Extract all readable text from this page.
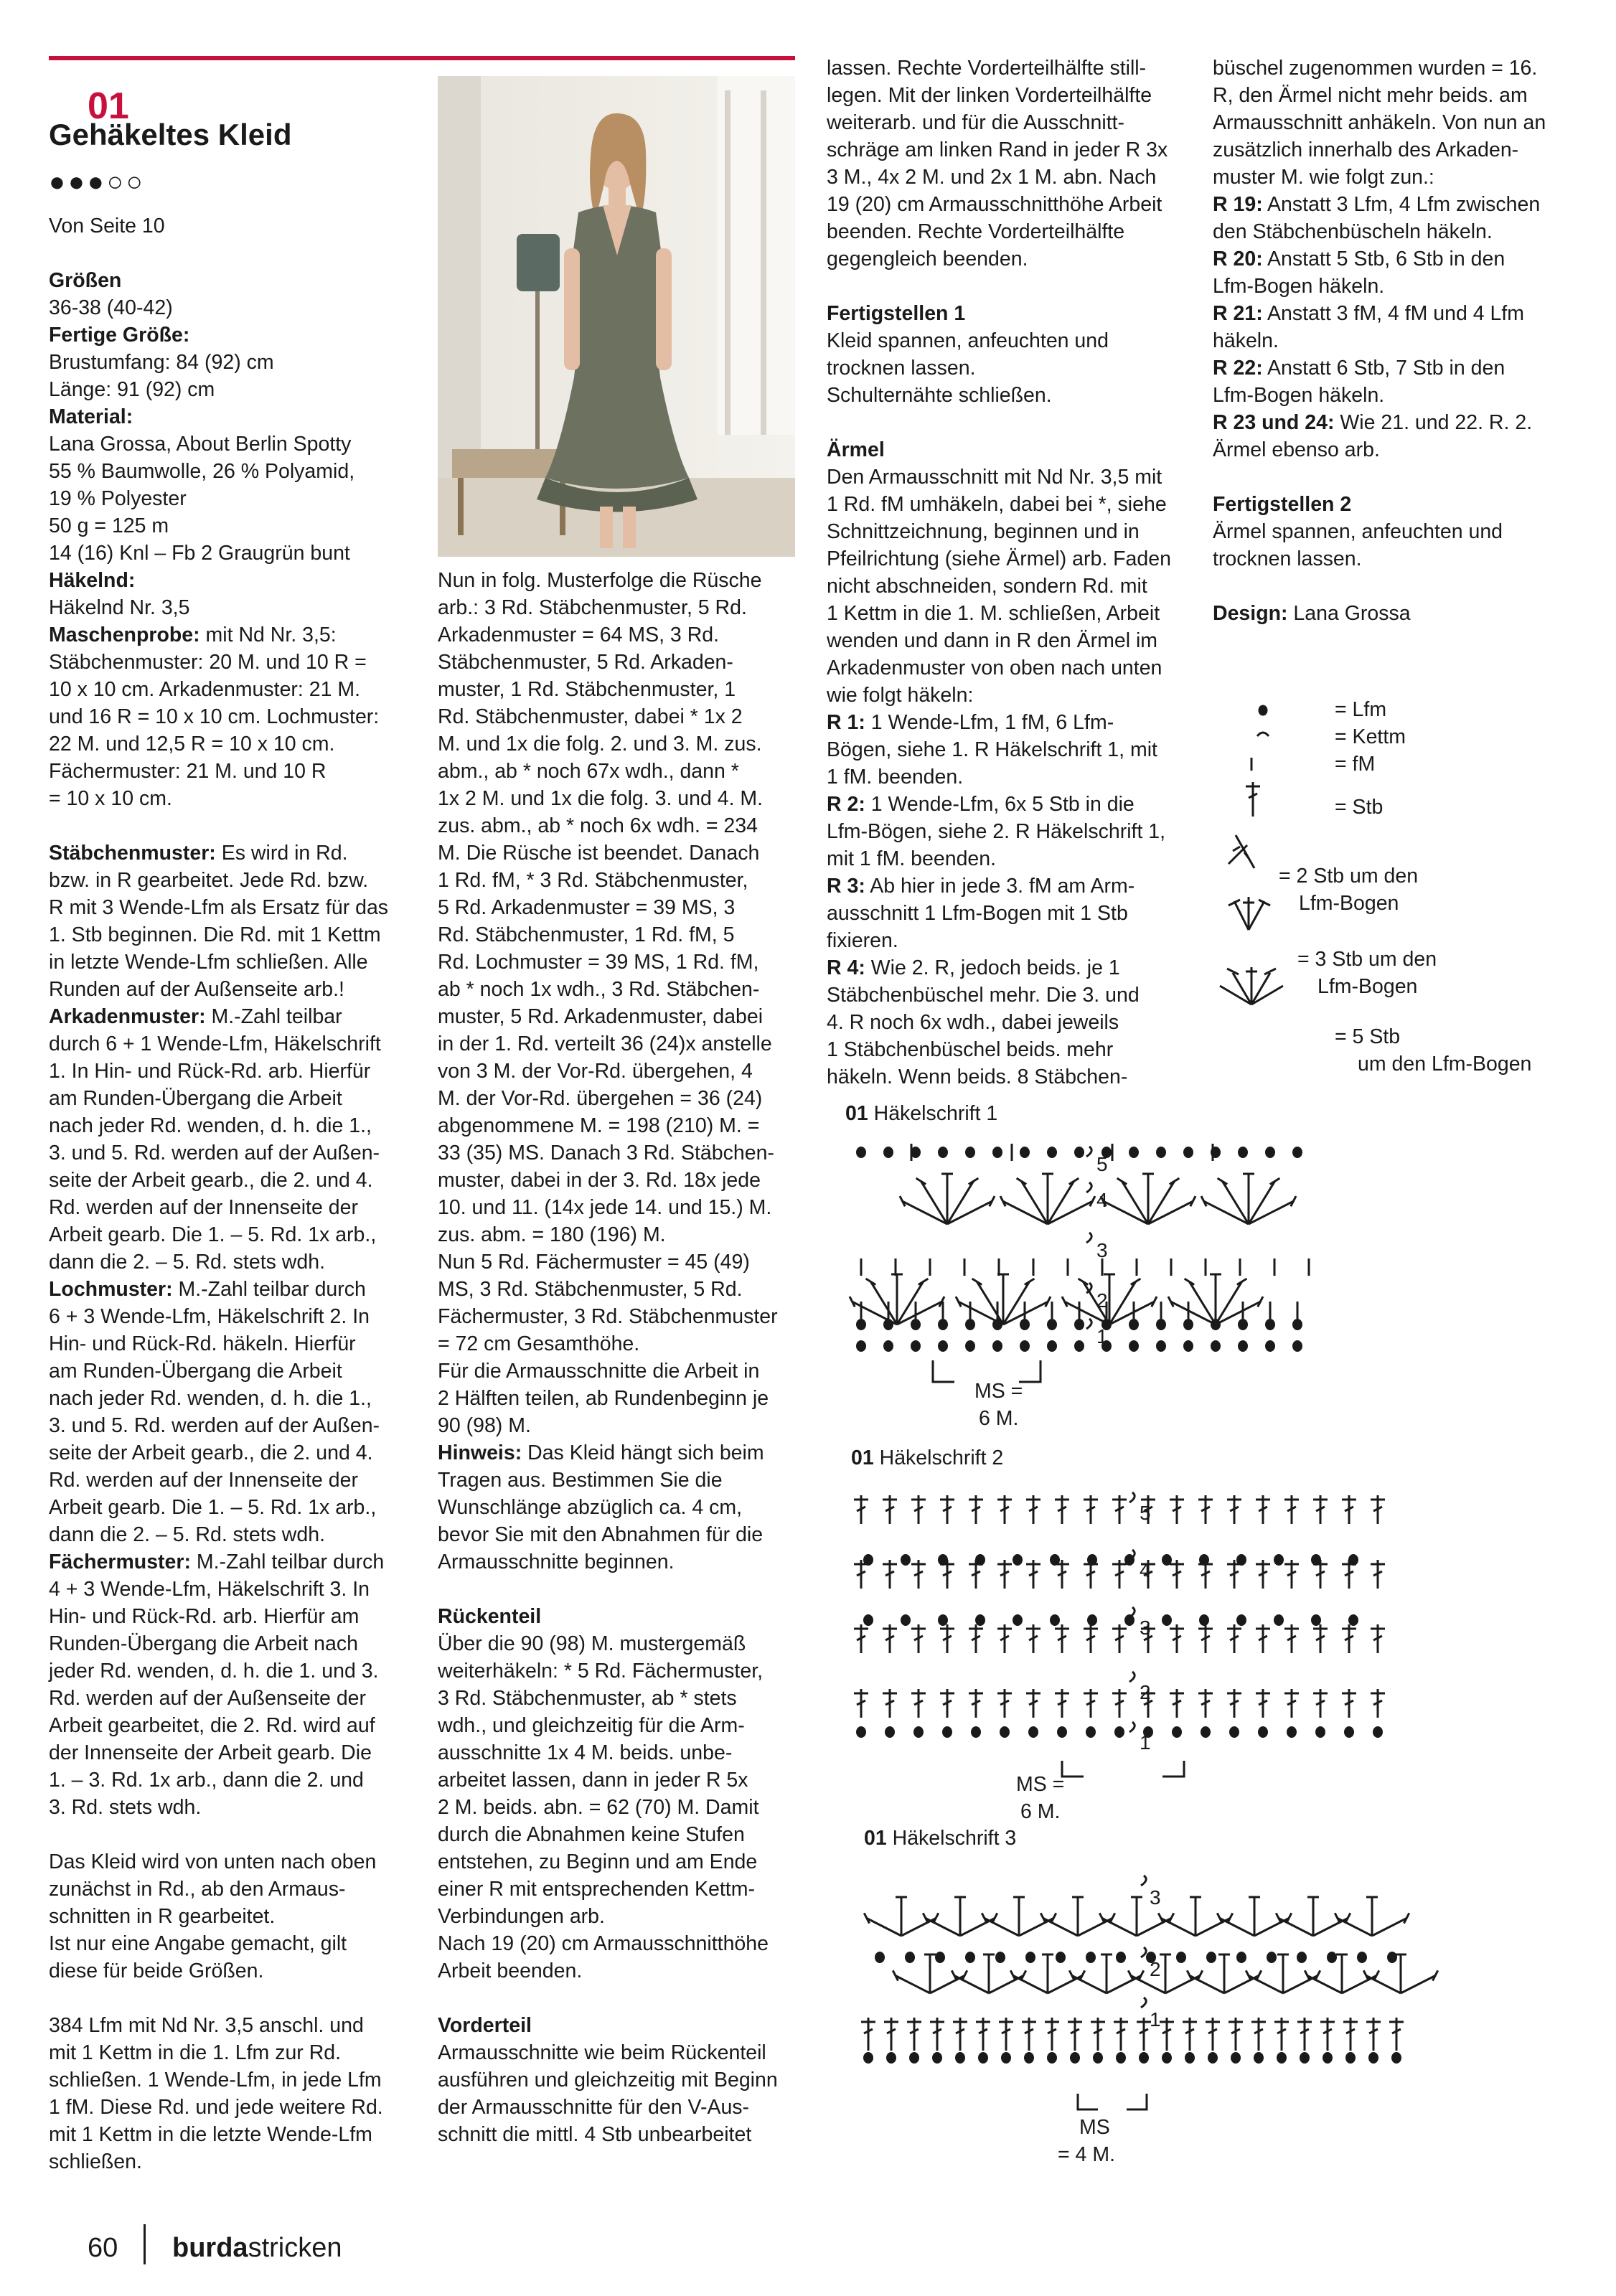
01
Gehäkeltes Kleid
●●●○○

Von Seite 10

Größen

36-38 (40-42)

Fertige Größe:

Brustumfang: 84 (92) cm

Länge: 91 (92) cm

Material:

Lana Grossa, About Berlin Spotty

55 % Baumwolle, 26 % Polyamid,

19 % Polyester

50 g = 125 m

14 (16) Knl – Fb 2 Graugrün bunt

Häkelnd:

Häkelnd Nr. 3,5

Maschenprobe: mit Nd Nr. 3,5:

Stäbchenmuster: 20 M. und 10 R =

10 x 10 cm. Arkadenmuster: 21 M.

und 16 R = 10 x 10 cm. Lochmuster:

22 M. und 12,5 R = 10 x 10 cm.

Fächermuster: 21 M. und 10 R

= 10 x 10 cm.

Stäbchenmuster: Es wird in Rd.

bzw. in R gearbeitet. Jede Rd. bzw.

R mit 3 Wende-Lfm als Ersatz für das

1. Stb beginnen. Die Rd. mit 1 Kettm

in letzte Wende-Lfm schließen. Alle

Runden auf der Außenseite arb.!

Arkadenmuster: M.-Zahl teilbar

durch 6 + 1 Wende-Lfm, Häkelschrift

1. In Hin- und Rück-Rd. arb. Hierfür

am Runden-Übergang die Arbeit

nach jeder Rd. wenden, d. h. die 1.,

3. und 5. Rd. werden auf der Außen-

seite der Arbeit gearb., die 2. und 4.

Rd. werden auf der Innenseite der

Arbeit gearb. Die 1. – 5. Rd. 1x arb.,

dann die 2. – 5. Rd. stets wdh.

Lochmuster: M.-Zahl teilbar durch

6 + 3 Wende-Lfm, Häkelschrift 2. In

Hin- und Rück-Rd. häkeln. Hierfür

am Runden-Übergang die Arbeit

nach jeder Rd. wenden, d. h. die 1.,

3. und 5. Rd. werden auf der Außen-

seite der Arbeit gearb., die 2. und 4.

Rd. werden auf der Innenseite der

Arbeit gearb. Die 1. – 5. Rd. 1x arb.,

dann die 2. – 5. Rd. stets wdh.

Fächermuster: M.-Zahl teilbar durch

4 + 3 Wende-Lfm, Häkelschrift 3. In

Hin- und Rück-Rd. arb. Hierfür am

Runden-Übergang die Arbeit nach

jeder Rd. wenden, d. h. die 1. und 3.

Rd. werden auf der Außenseite der

Arbeit gearbeitet, die 2. Rd. wird auf

der Innenseite der Arbeit gearb. Die

1. – 3. Rd. 1x arb., dann die 2. und

3. Rd. stets wdh.

Das Kleid wird von unten nach oben

zunächst in Rd., ab den Armaus-

schnitten in R gearbeitet.

Ist nur eine Angabe gemacht, gilt

diese für beide Größen.

384 Lfm mit Nd Nr. 3,5 anschl. und

mit 1 Kettm in die 1. Lfm zur Rd.

schließen. 1 Wende-Lfm, in jede Lfm

1 fM. Diese Rd. und jede weitere Rd.

mit 1 Kettm in die letzte Wende-Lfm

schließen.

Nun in folg. Musterfolge die Rüsche

arb.: 3 Rd. Stäbchenmuster, 5 Rd.

Arkadenmuster = 64 MS, 3 Rd.

Stäbchenmuster, 5 Rd. Arkaden-

muster, 1 Rd. Stäbchenmuster, 1

Rd. Stäbchenmuster, dabei * 1x 2

M. und 1x die folg. 2. und 3. M. zus.

abm., ab * noch 67x wdh., dann *

1x 2 M. und 1x die folg. 3. und 4. M.

zus. abm., ab * noch 6x wdh. = 234

M. Die Rüsche ist beendet. Danach

1 Rd. fM, * 3 Rd. Stäbchenmuster,

5 Rd. Arkadenmuster = 39 MS, 3

Rd. Stäbchenmuster, 1 Rd. fM, 5

Rd. Lochmuster = 39 MS, 1 Rd. fM,

ab * noch 1x wdh., 3 Rd. Stäbchen-

muster, 5 Rd. Arkadenmuster, dabei

in der 1. Rd. verteilt 36 (24)x anstelle

von 3 M. der Vor-Rd. übergehen, 4

M. der Vor-Rd. übergehen = 36 (24)

abgenommene M. = 198 (210) M. =

33 (35) MS. Danach 3 Rd. Stäbchen-

muster, dabei in der 3. Rd. 18x jede

10. und 11. (14x jede 14. und 15.) M.

zus. abm. = 180 (196) M.

Nun 5 Rd. Fächermuster = 45 (49)

MS, 3 Rd. Stäbchenmuster, 5 Rd.

Fächermuster, 3 Rd. Stäbchenmuster

= 72 cm Gesamthöhe.

Für die Armausschnitte die Arbeit in

2 Hälften teilen, ab Rundenbeginn je

90 (98) M.

Hinweis: Das Kleid hängt sich beim

Tragen aus. Bestimmen Sie die

Wunschlänge abzüglich ca. 4 cm,

bevor Sie mit den Abnahmen für die

Armausschnitte beginnen.

Rückenteil

Über die 90 (98) M. mustergemäß

weiterhäkeln: * 5 Rd. Fächermuster,

3 Rd. Stäbchenmuster, ab * stets

wdh., und gleichzeitig für die Arm-

ausschnitte 1x 4 M. beids. unbe-

arbeitet lassen, dann in jeder R 5x

2 M. beids. abn. = 62 (70) M. Damit

durch die Abnahmen keine Stufen

entstehen, zu Beginn und am Ende

einer R mit entsprechenden Kettm-

Verbindungen arb.

Nach 19 (20) cm Armausschnitthöhe

Arbeit beenden.

Vorderteil

Armausschnitte wie beim Rückenteil

ausführen und gleichzeitig mit Beginn

der Armausschnitte für den V-Aus-

schnitt die mittl. 4 Stb unbearbeitet

lassen. Rechte Vorderteilhälfte still-

legen. Mit der linken Vorderteilhälfte

weiterarb. und für die Ausschnitt-

schräge am linken Rand in jeder R 3x

3 M., 4x 2 M. und 2x 1 M. abn. Nach

19 (20) cm Armausschnitthöhe Arbeit

beenden. Rechte Vorderteilhälfte

gegengleich beenden.

Fertigstellen 1

Kleid spannen, anfeuchten und

trocknen lassen.

Schulternähte schließen.

Ärmel

Den Armausschnitt mit Nd Nr. 3,5 mit

1 Rd. fM umhäkeln, dabei bei *, siehe

Schnittzeichnung, beginnen und in

Pfeilrichtung (siehe Ärmel) arb. Faden

nicht abschneiden, sondern Rd. mit

1 Kettm in die 1. M. schließen, Arbeit

wenden und dann in R den Ärmel im

Arkadenmuster von oben nach unten

wie folgt häkeln:

R 1: 1 Wende-Lfm, 1 fM, 6 Lfm-

Bögen, siehe 1. R Häkelschrift 1, mit

1 fM. beenden.

R 2: 1 Wende-Lfm, 6x 5 Stb in die

Lfm-Bögen, siehe 2. R Häkelschrift 1,

mit 1 fM. beenden.

R 3: Ab hier in jede 3. fM am Arm-

ausschnitt 1 Lfm-Bogen mit 1 Stb

fixieren.

R 4: Wie 2. R, jedoch beids. je 1

Stäbchenbüschel mehr. Die 3. und

4. R noch 6x wdh., dabei jeweils

1 Stäbchenbüschel beids. mehr

häkeln. Wenn beids. 8 Stäbchen-

büschel zugenommen wurden = 16.

R, den Ärmel nicht mehr beids. am

Armausschnitt anhäkeln. Von nun an

zusätzlich innerhalb des Arkaden-

muster M. wie folgt zun.:

R 19: Anstatt 3 Lfm, 4 Lfm zwischen

den Stäbchenbüscheln häkeln.

R 20: Anstatt 5 Stb, 6 Stb in den

Lfm-Bogen häkeln.

R 21: Anstatt 3 fM, 4 fM und 4 Lfm

häkeln.

R 22: Anstatt 6 Stb, 7 Stb in den

Lfm-Bogen häkeln.

R 23 und 24: Wie 21. und 22. R. 2.

Ärmel ebenso arb.

Fertigstellen 2

Ärmel spannen, anfeuchten und

trocknen lassen.

Design: Lana Grossa

= Lfm
= Kettm
= fM
= Stb
= 2 Stb um den
Lfm-Bogen
= 3 Stb um den
Lfm-Bogen
= 5 Stb
um den Lfm-Bogen
01 Häkelschrift 1
5
4
3
2
1
MS =
6 M.
01 Häkelschrift 2
5
4
3
2
1
MS =
6 M.
01 Häkelschrift 3
3
2
1
MS
= 4 M.
60 burdastricken
